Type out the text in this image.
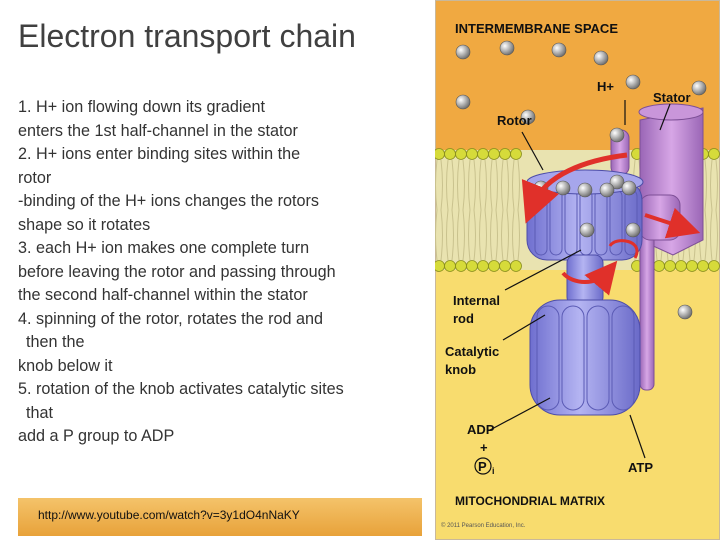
Electron transport chain
1. H+ ion flowing down its gradient
enters the 1st half-channel in the stator
2. H+ ions enter binding sites within the
rotor
-binding of the H+ ions changes the rotors
shape so it rotates
3. each H+ ion makes one complete turn
before leaving the rotor and passing through
the second half-channel within the stator
4. spinning of the rotor, rotates the rod and
then the
knob below it
5. rotation of the knob activates catalytic sites
that
add a P group to ADP
http://www.youtube.com/watch?v=3y1dO4nNaKY
INTERMEMBRANE SPACE
H+
Stator
Rotor
Internal
rod
Catalytic
knob
ADP
+
P i	ATP
MITOCHONDRIAL MATRIX
© 2011 Pearson Education, Inc.
